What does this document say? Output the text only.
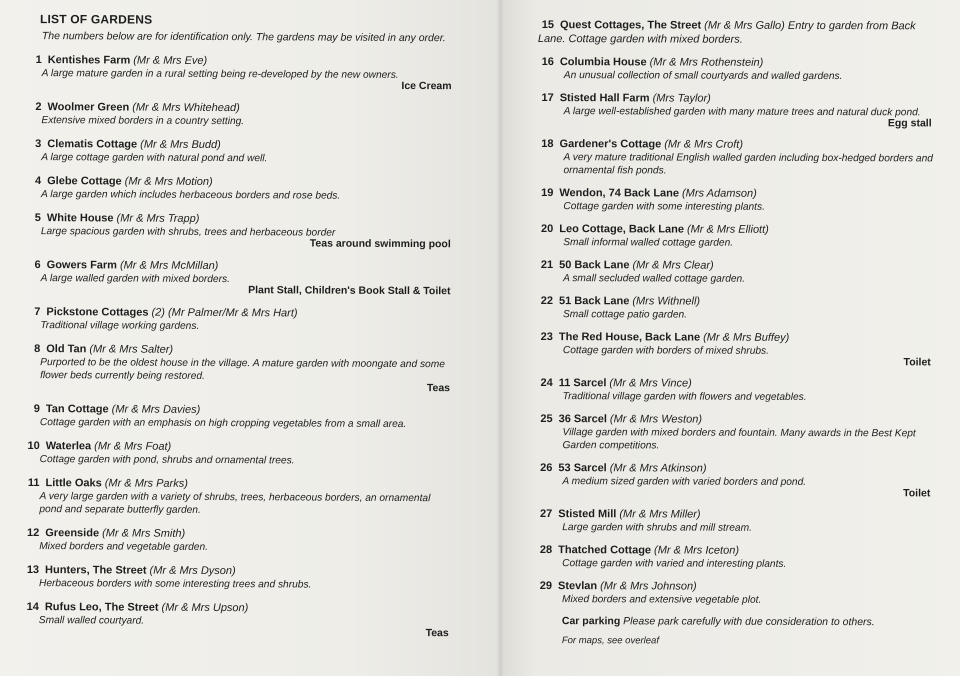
LIST OF GARDENS
The numbers below are for identification only. The gardens may be visited in any order.
1 Kentishes Farm (Mr & Mrs Eve)
A large mature garden in a rural setting being re-developed by the new owners.
Ice Cream
2 Woolmer Green (Mr & Mrs Whitehead)
Extensive mixed borders in a country setting.
3 Clematis Cottage (Mr & Mrs Budd)
A large cottage garden with natural pond and well.
4 Glebe Cottage (Mr & Mrs Motion)
A large garden which includes herbaceous borders and rose beds.
5 White House (Mr & Mrs Trapp)
Large spacious garden with shrubs, trees and herbaceous border
Teas around swimming pool
6 Gowers Farm (Mr & Mrs McMillan)
A large walled garden with mixed borders.
Plant Stall, Children's Book Stall & Toilet
7 Pickstone Cottages (2) (Mr Palmer/Mr & Mrs Hart)
Traditional village working gardens.
8 Old Tan (Mr & Mrs Salter)
Purported to be the oldest house in the village. A mature garden with moongate and some flower beds currently being restored.
Teas
9 Tan Cottage (Mr & Mrs Davies)
Cottage garden with an emphasis on high cropping vegetables from a small area.
10 Waterlea (Mr & Mrs Foat)
Cottage garden with pond, shrubs and ornamental trees.
11 Little Oaks (Mr & Mrs Parks)
A very large garden with a variety of shrubs, trees, herbaceous borders, an ornamental pond and separate butterfly garden.
12 Greenside (Mr & Mrs Smith)
Mixed borders and vegetable garden.
13 Hunters, The Street (Mr & Mrs Dyson)
Herbaceous borders with some interesting trees and shrubs.
14 Rufus Leo, The Street (Mr & Mrs Upson)
Small walled courtyard.
Teas
15 Quest Cottages, The Street (Mr & Mrs Gallo) Entry to garden from Back Lane. Cottage garden with mixed borders.
16 Columbia House (Mr & Mrs Rothenstein)
An unusual collection of small courtyards and walled gardens.
17 Stisted Hall Farm (Mrs Taylor)
A large well-established garden with many mature trees and natural duck pond.
Egg stall
18 Gardener's Cottage (Mr & Mrs Croft)
A very mature traditional English walled garden including box-hedged borders and ornamental fish ponds.
19 Wendon, 74 Back Lane (Mrs Adamson)
Cottage garden with some interesting plants.
20 Leo Cottage, Back Lane (Mr & Mrs Elliott)
Small informal walled cottage garden.
21 50 Back Lane (Mr & Mrs Clear)
A small secluded walled cottage garden.
22 51 Back Lane (Mrs Withnell)
Small cottage patio garden.
23 The Red House, Back Lane (Mr & Mrs Buffey)
Cottage garden with borders of mixed shrubs.
Toilet
24 11 Sarcel (Mr & Mrs Vince)
Traditional village garden with flowers and vegetables.
25 36 Sarcel (Mr & Mrs Weston)
Village garden with mixed borders and fountain. Many awards in the Best Kept Garden competitions.
26 53 Sarcel (Mr & Mrs Atkinson)
A medium sized garden with varied borders and pond.
Toilet
27 Stisted Mill (Mr & Mrs Miller)
Large garden with shrubs and mill stream.
28 Thatched Cottage (Mr & Mrs Iceton)
Cottage garden with varied and interesting plants.
29 Stevlan (Mr & Mrs Johnson)
Mixed borders and extensive vegetable plot.
Car parking Please park carefully with due consideration to others.
For maps, see overleaf
